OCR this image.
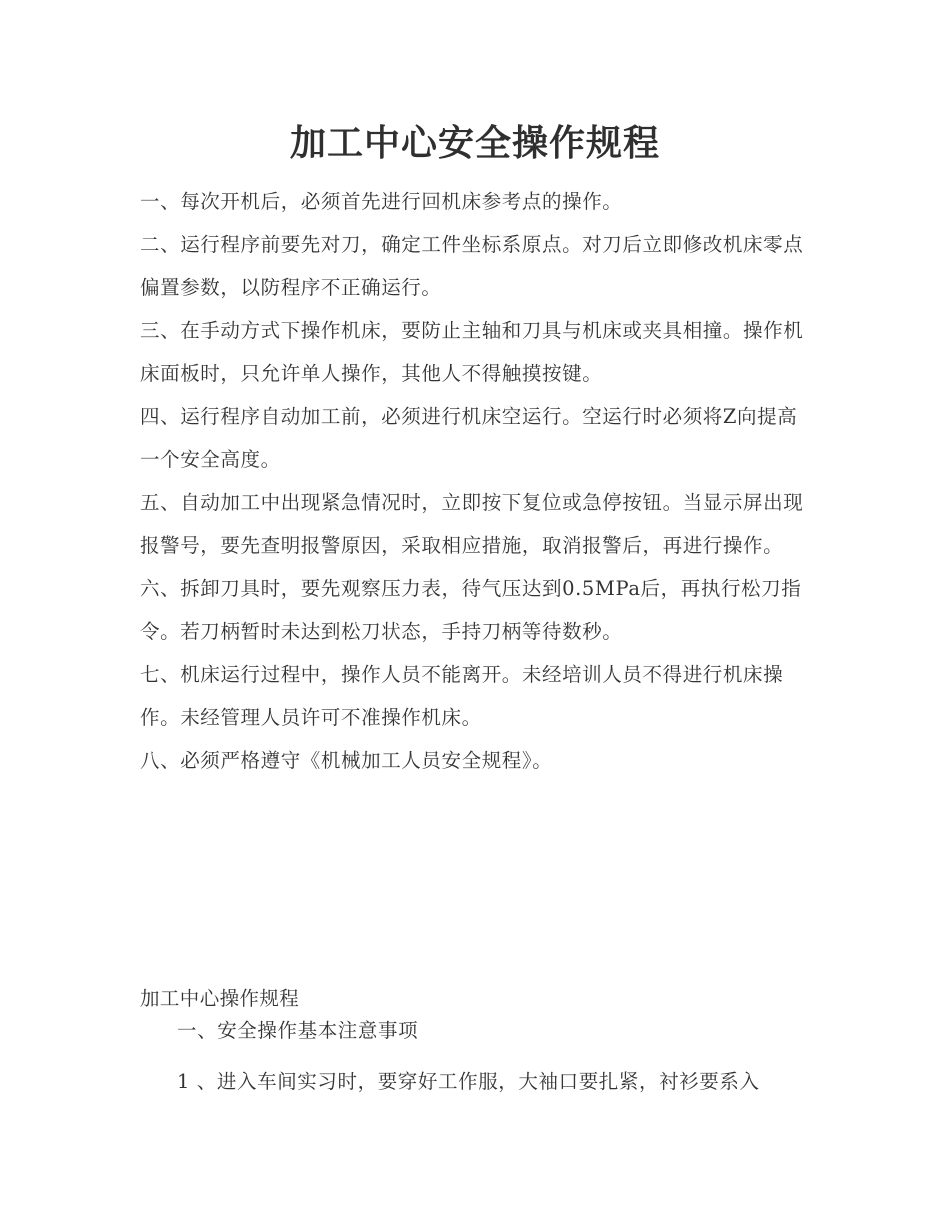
加工中心安全操作规程

一、每次开机后，必须首先进行回机床参考点的操作。

二、运行程序前要先对刀，确定工件坐标系原点。对刀后立即修改机床零点偏置参数，以防程序不正确运行。

三、在手动方式下操作机床，要防止主轴和刀具与机床或夹具相撞。操作机床面板时，只允许单人操作，其他人不得触摸按键。

四、运行程序自动加工前，必须进行机床空运行。空运行时必须将Z向提高一个安全高度。

五、自动加工中出现紧急情况时，立即按下复位或急停按钮。当显示屏出现报警号，要先查明报警原因，采取相应措施，取消报警后，再进行操作。

六、拆卸刀具时，要先观察压力表，待气压达到0.5MPa后，再执行松刀指令。若刀柄暂时未达到松刀状态，手持刀柄等待数秒。

七、机床运行过程中，操作人员不能离开。未经培训人员不得进行机床操作。未经管理人员许可不准操作机床。

八、必须严格遵守《机械加工人员安全规程》。

加工中心操作规程

一、安全操作基本注意事项

1 、进入车间实习时，要穿好工作服，大袖口要扎紧，衬衫要系入
